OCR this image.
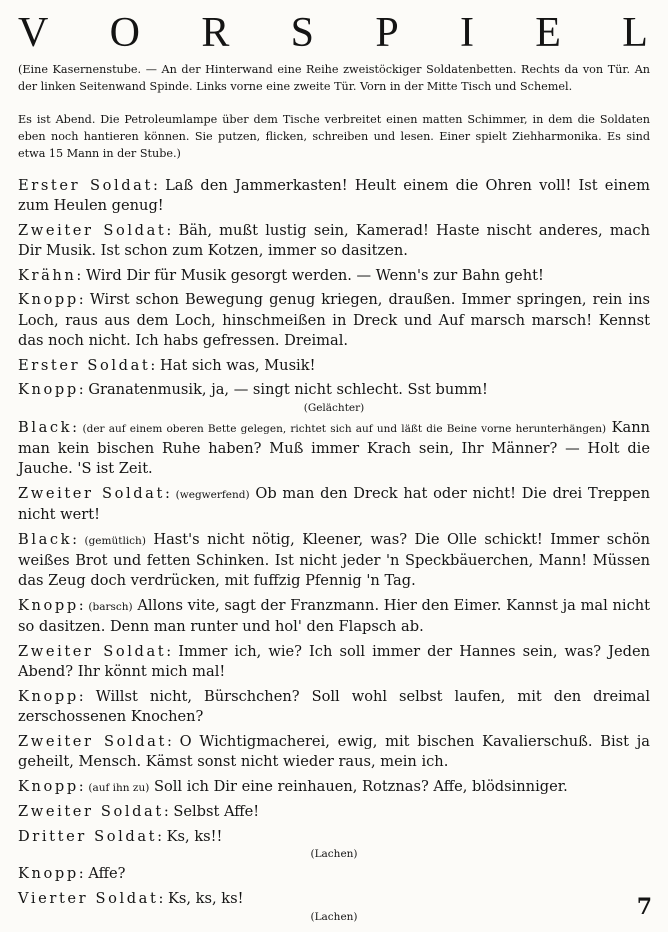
V O R S P I E L
(Eine Kasernenstube. — An der Hinterwand eine Reihe zweistöckiger Soldatenbetten. Rechts da von Tür. An der linken Seitenwand Spinde. Links vorne eine zweite Tür. Vorn in der Mitte Tisch und Schemel.
Es ist Abend. Die Petroleumlampe über dem Tische verbreitet einen matten Schimmer, in dem die Soldaten eben noch hantieren können. Sie putzen, flicken, schreiben und lesen. Einer spielt Ziehharmonika. Es sind etwa 15 Mann in der Stube.)
Erster Soldat: Laß den Jammerkasten! Heult einem die Ohren voll! Ist einem zum Heulen genug!
Zweiter Soldat: Bäh, mußt lustig sein, Kamerad! Haste nischt anderes, mach Dir Musik. Ist schon zum Kotzen, immer so dasitzen.
Krähn: Wird Dir für Musik gesorgt werden. — Wenn's zur Bahn geht!
Knopp: Wirst schon Bewegung genug kriegen, draußen. Immer springen, rein ins Loch, raus aus dem Loch, hinschmeißen in Dreck und Auf marsch marsch! Kennst das noch nicht. Ich habs gefressen. Dreimal.
Erster Soldat: Hat sich was, Musik!
Knopp: Granatenmusik, ja, — singt nicht schlecht. Sst bumm!
(Gelächter)
Black: (der auf einem oberen Bette gelegen, richtet sich auf und läßt die Beine vorne herunterhängen) Kann man kein bischen Ruhe haben? Muß immer Krach sein, Ihr Männer? — Holt die Jauche. 'S ist Zeit.
Zweiter Soldat: (wegwerfend) Ob man den Dreck hat oder nicht! Die drei Treppen nicht wert!
Black: (gemütlich) Hast's nicht nötig, Kleener, was? Die Olle schickt! Immer schön weißes Brot und fetten Schinken. Ist nicht jeder 'n Speckbäuerchen, Mann! Müssen das Zeug doch verdrücken, mit fuffzig Pfennig 'n Tag.
Knopp: (barsch) Allons vite, sagt der Franzmann. Hier den Eimer. Kannst ja mal nicht so dasitzen. Denn man runter und hol' den Flapsch ab.
Zweiter Soldat: Immer ich, wie? Ich soll immer der Hannes sein, was? Jeden Abend? Ihr könnt mich mal!
Knopp: Willst nicht, Bürschchen? Soll wohl selbst laufen, mit den dreimal zerschossenen Knochen?
Zweiter Soldat: O Wichtigmacherei, ewig, mit bischen Kavalierschuß. Bist ja geheilt, Mensch. Kämst sonst nicht wieder raus, mein ich.
Knopp: (auf ihn zu) Soll ich Dir eine reinhauen, Rotznas? Affe, blödsinniger.
Zweiter Soldat: Selbst Affe!
Dritter Soldat: Ks, ks!!
(Lachen)
Knopp: Affe?
Vierter Soldat: Ks, ks, ks!
(Lachen)	7
